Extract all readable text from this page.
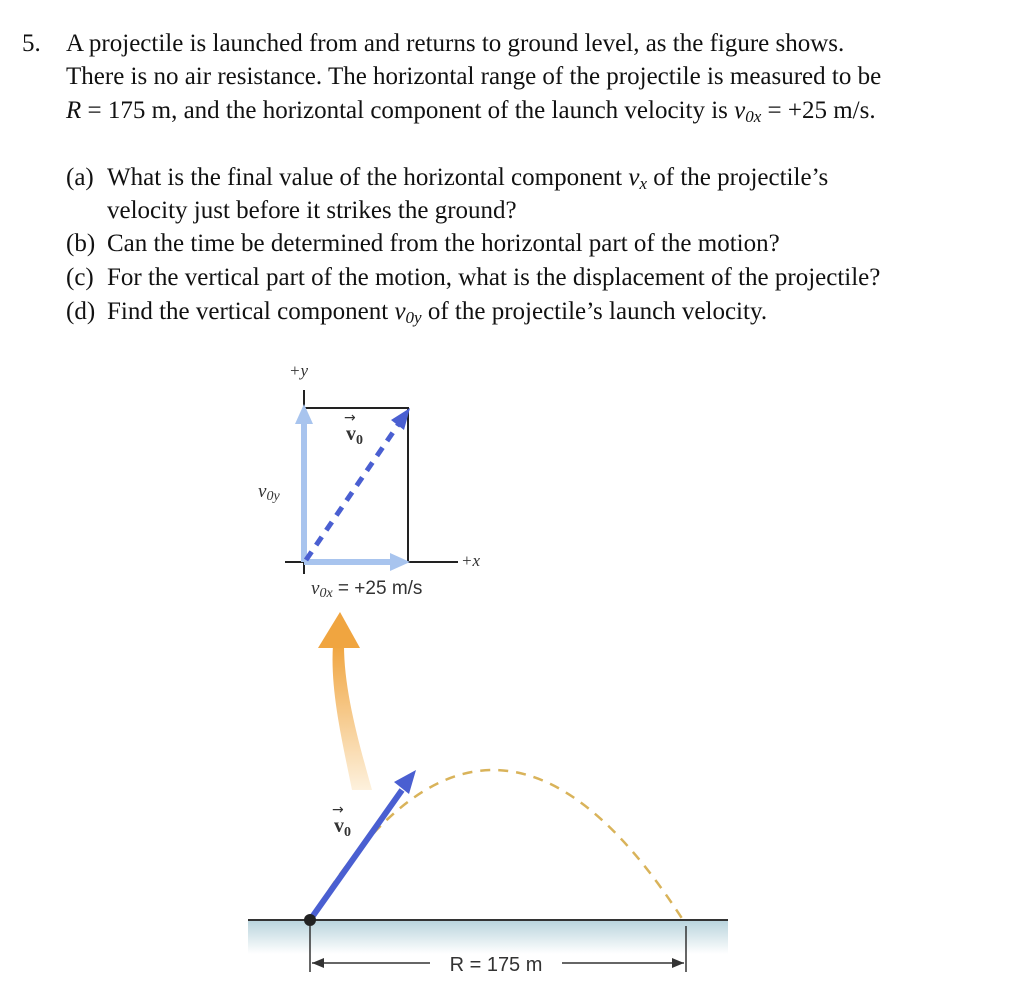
5. A projectile is launched from and returns to ground level, as the figure shows.
There is no air resistance. The horizontal range of the projectile is measured to be
R = 175 m, and the horizontal component of the launch velocity is v0x = +25 m/s.
(a) What is the final value of the horizontal component vx of the projectile’s
velocity just before it strikes the ground?
(b) Can the time be determined from the horizontal part of the motion?
(c) For the vertical part of the motion, what is the displacement of the projectile?
(d) Find the vertical component v0y of the projectile’s launch velocity.
+y
+x
v0y
$v_0$
→
v0x = +25 m/s
$v_0$
→
R = 175 m
